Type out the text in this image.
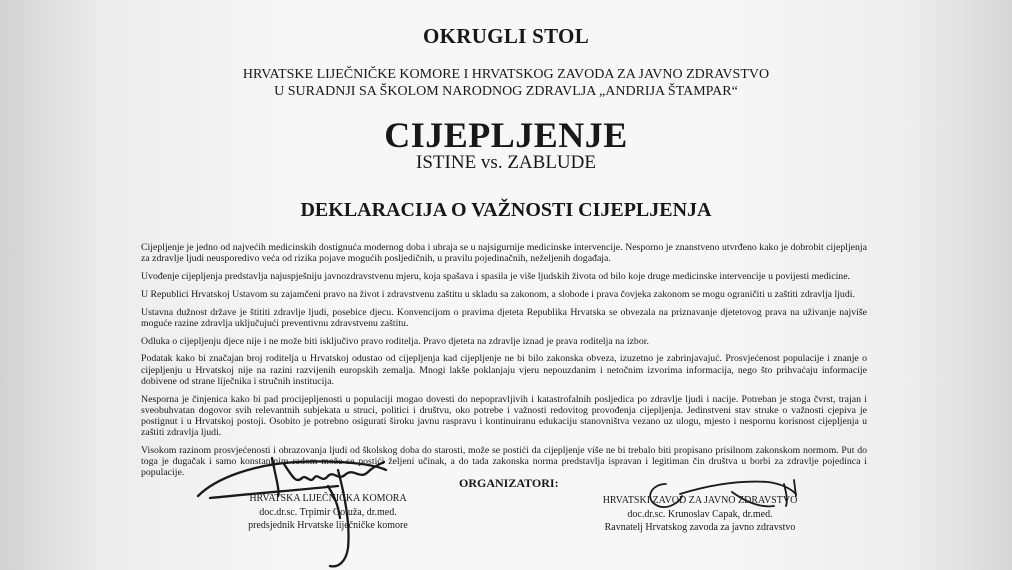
OKRUGLI STOL
HRVATSKE LIJEČNIČKE KOMORE I HRVATSKOG ZAVODA ZA JAVNO ZDRAVSTVO
U SURADNJI SA ŠKOLOM NARODNOG ZDRAVLJA „ANDRIJA ŠTAMPAR“
CIJEPLJENJE
ISTINE vs. ZABLUDE
DEKLARACIJA O VAŽNOSTI CIJEPLJENJA

Cijepljenje je jedno od najvećih medicinskih dostignuća modernog doba i ubraja se u najsigurnije medicinske intervencije. Nesporno je znanstveno utvrđeno kako je dobrobit cijepljenja za zdravlje ljudi neusporedivo veća od rizika pojave mogućih posljedičnih, u pravilu pojedinačnih, neželjenih događaja.

Uvođenje cijepljenja predstavlja najuspješniju javnozdravstvenu mjeru, koja spašava i spasila je više ljudskih života od bilo koje druge medicinske intervencije u povijesti medicine.

U Republici Hrvatskoj Ustavom su zajamčeni pravo na život i zdravstvenu zaštitu u skladu sa zakonom, a slobode i prava čovjeka zakonom se mogu ograničiti u zaštiti zdravlja ljudi.

Ustavna dužnost države je štititi zdravlje ljudi, posebice djecu. Konvencijom o pravima djeteta Republika Hrvatska se obvezala na priznavanje djetetovog prava na uživanje najviše moguće razine zdravlja uključujući preventivnu zdravstvenu zaštitu.

Odluka o cijepljenju djece nije i ne može biti isključivo pravo roditelja. Pravo djeteta na zdravlje iznad je prava roditelja na izbor.

Podatak kako bi značajan broj roditelja u Hrvatskoj odustao od cijepljenja kad cijepljenje ne bi bilo zakonska obveza, izuzetno je zabrinjavajuć. Prosvjećenost populacije i znanje o cijepljenju u Hrvatskoj nije na razini razvijenih europskih zemalja. Mnogi lakše poklanjaju vjeru nepouzdanim i netočnim izvorima informacija, nego što prihvaćaju informacije dobivene od strane liječnika i stručnih institucija.

Nesporna je činjenica kako bi pad procijepljenosti u populaciji mogao dovesti do nepopravljivih i katastrofalnih posljedica po zdravlje ljudi i nacije. Potreban je stoga čvrst, trajan i sveobuhvatan dogovor svih relevantnih subjekata u struci, politici i društvu, oko potrebe i važnosti redovitog provođenja cijepljenja. Jedinstveni stav struke o važnosti cjepiva je postignut i u Hrvatskoj postoji. Osobito je potrebno osigurati široku javnu raspravu i kontinuiranu edukaciju stanovništva vezano uz ulogu, mjesto i nespornu korisnost cijepljenja u zaštiti zdravlja ljudi.

Visokom razinom prosvjećenosti i obrazovanja ljudi od školskog doba do starosti, može se postići da cijepljenje više ne bi trebalo biti propisano prisilnom zakonskom normom. Put do toga je dugačak i samo konstantnim radom može se postići željeni učinak, a do tada zakonska norma predstavlja ispravan i legitiman čin društva u borbi za zdravlje pojedinca i populacije.

HRVATSKA LIJEČNIČKA KOMORA
doc.dr.sc. Trpimir Goluža, dr.med.
predsjednik Hrvatske liječničke komore
ORGANIZATORI:
HRVATSKI ZAVOD ZA JAVNO ZDRAVSTVO
doc.dr.sc. Krunoslav Capak, dr.med.
Ravnatelj Hrvatskog zavoda za javno zdravstvo
